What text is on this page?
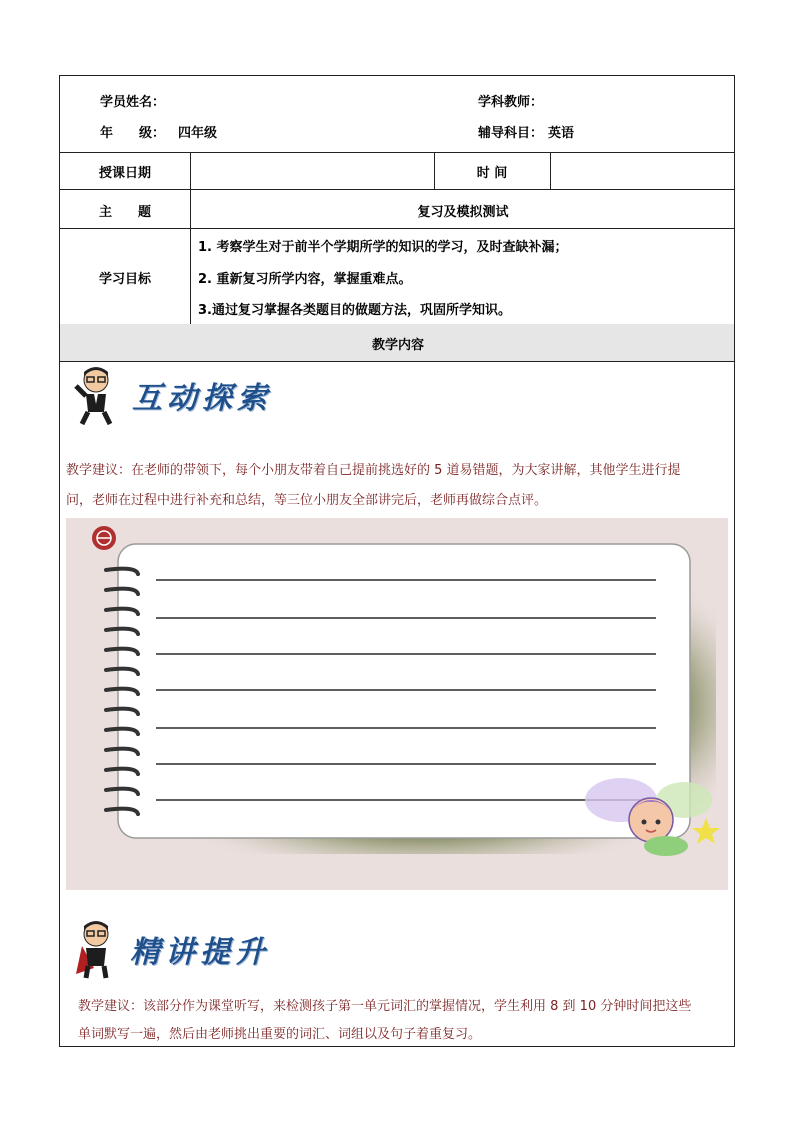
学员姓名：	学科教师：
年　　级： 四年级	辅导科目： 英语
授课日期	时 间
主　　题	复习及模拟测试
学习目标
1. 考察学生对于前半个学期所学的知识的学习，及时查缺补漏；
2. 重新复习所学内容，掌握重难点。
3.通过复习掌握各类题目的做题方法，巩固所学知识。
教学内容
互动探索
教学建议：在老师的带领下，每个小朋友带着自己提前挑选好的 5 道易错题，为大家讲解，其他学生进行提
问，老师在过程中进行补充和总结，等三位小朋友全部讲完后，老师再做综合点评。
精讲提升
教学建议：该部分作为课堂听写，来检测孩子第一单元词汇的掌握情况，学生利用 8 到 10 分钟时间把这些
单词默写一遍，然后由老师挑出重要的词汇、词组以及句子着重复习。
